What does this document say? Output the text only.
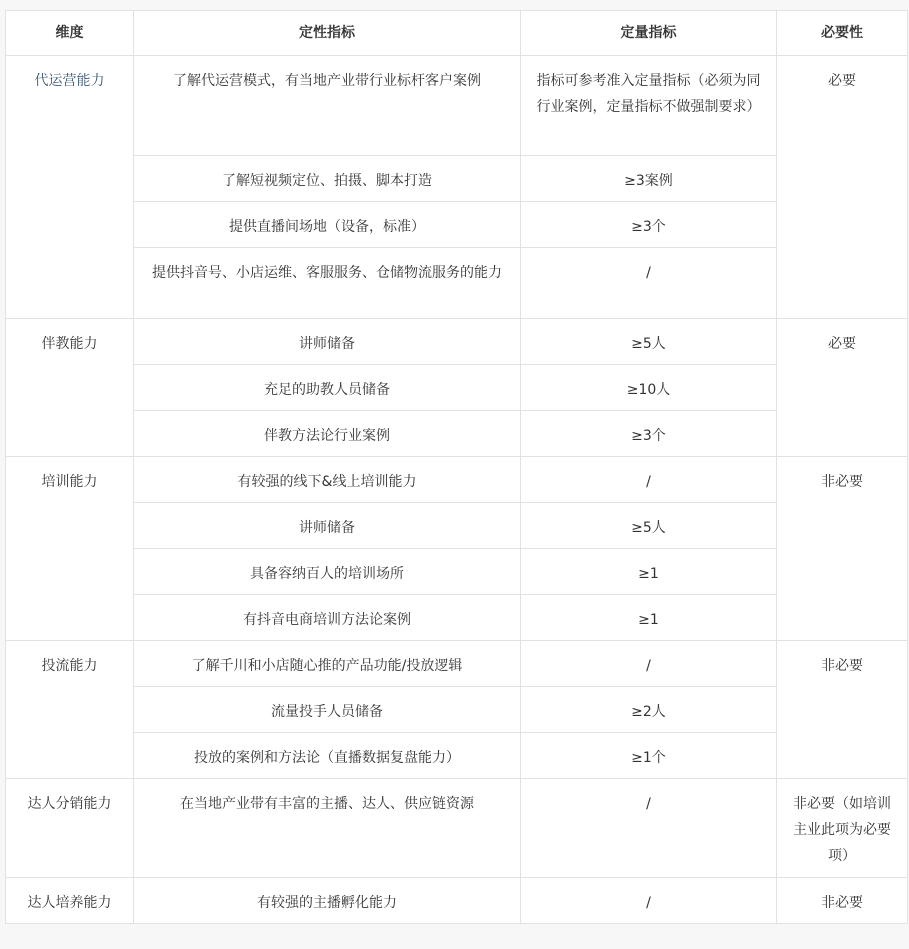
维度	定性指标	定量指标	必要性
代运营能力	了解代运营模式，有当地产业带行业标杆客户案例	指标可参考准入定量指标（必须为同行业案例，定量指标不做强制要求）	必要
	了解短视频定位、拍摄、脚本打造	≥3案例	
	提供直播间场地（设备，标准）	≥3个	
	提供抖音号、小店运维、客服服务、仓储物流服务的能力	/	
伴教能力	讲师储备	≥5人	必要
	充足的助教人员储备	≥10人	
	伴教方法论行业案例	≥3个	
培训能力	有较强的线下&线上培训能力	/	非必要
	讲师储备	≥5人	
	具备容纳百人的培训场所	≥1	
	有抖音电商培训方法论案例	≥1	
投流能力	了解千川和小店随心推的产品功能/投放逻辑	/	非必要
	流量投手人员储备	≥2人	
	投放的案例和方法论（直播数据复盘能力）	≥1个	
达人分销能力	在当地产业带有丰富的主播、达人、供应链资源	/	非必要（如培训主业此项为必要项）
达人培养能力	有较强的主播孵化能力	/	非必要
